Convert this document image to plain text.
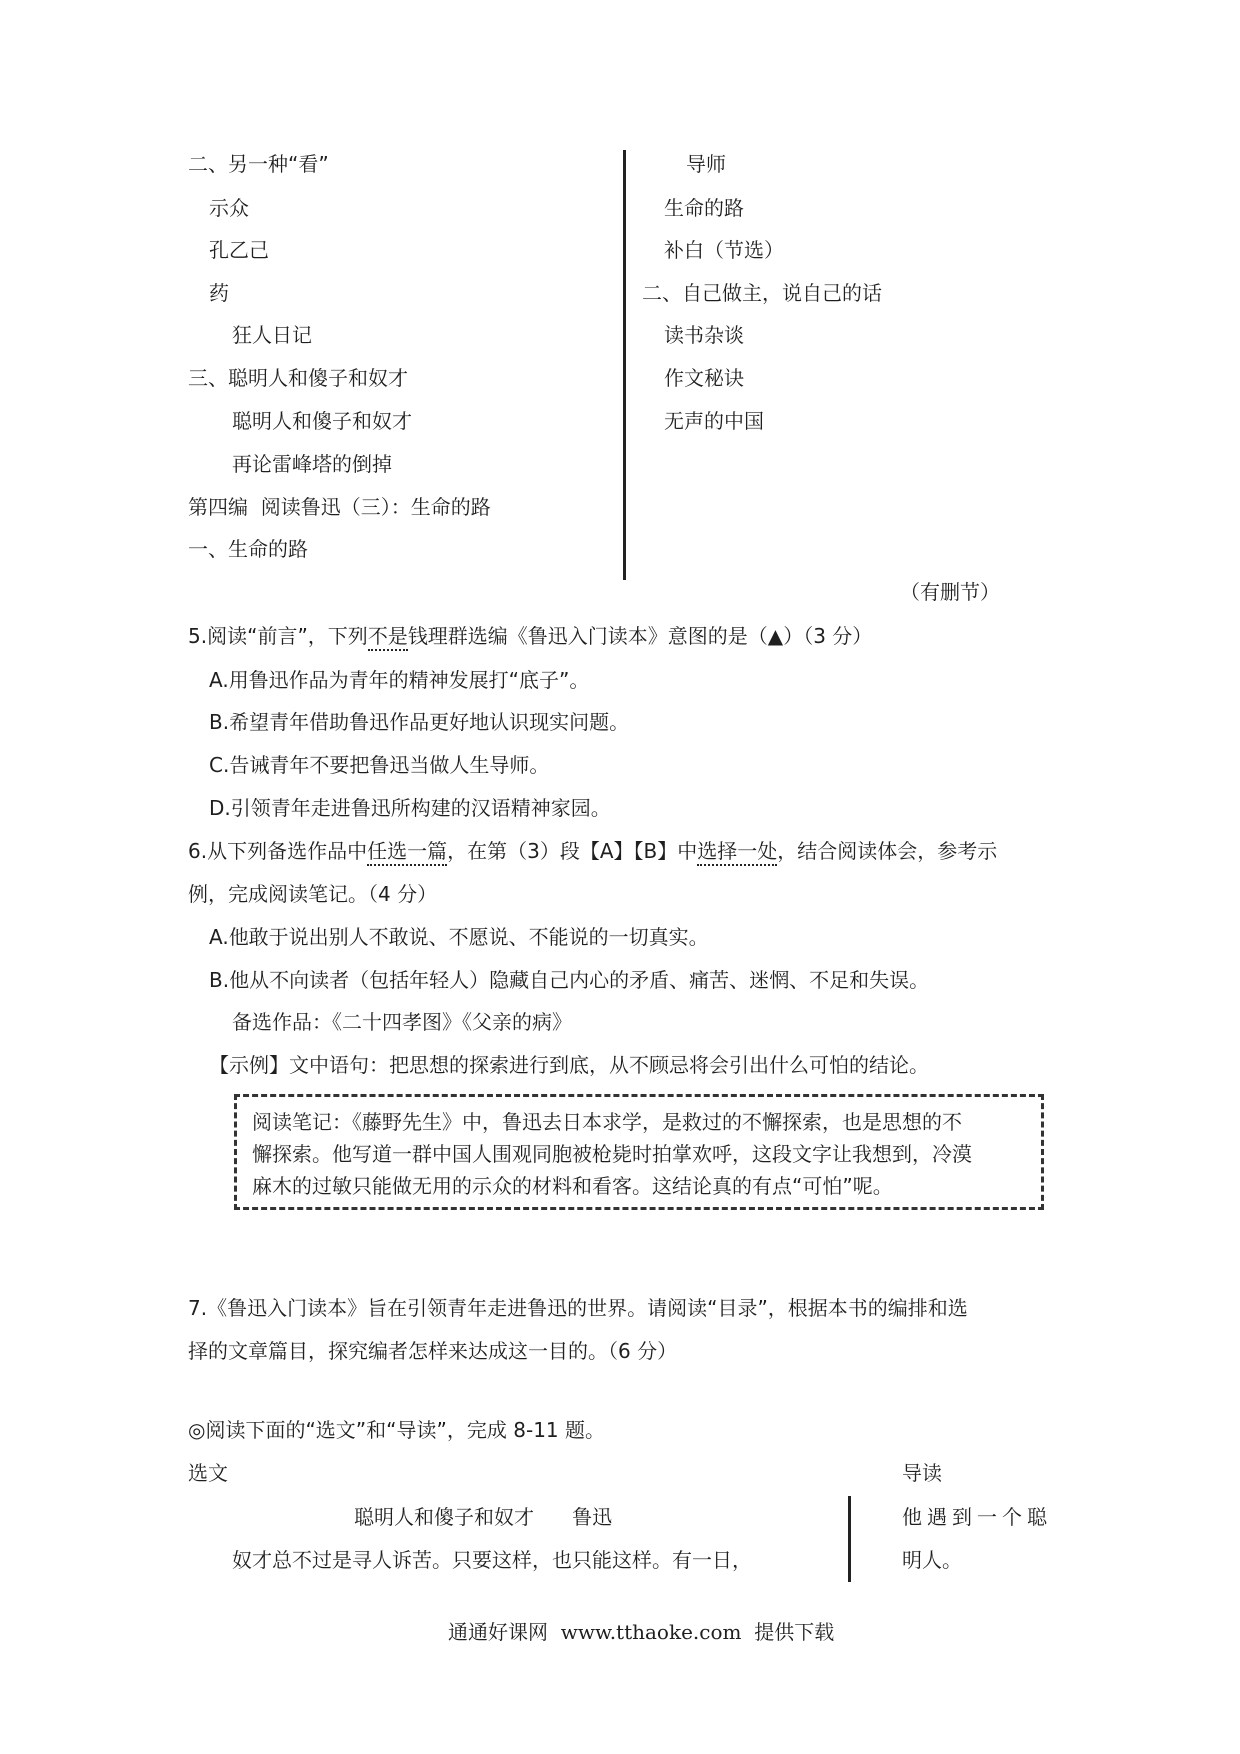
二、另一种“看”
示众
孔乙己
药
狂人日记
三、聪明人和傻子和奴才
聪明人和傻子和奴才
再论雷峰塔的倒掉
第四编  阅读鲁迅（三）：生命的路
一、生命的路
导师
生命的路
补白（节选）
二、自己做主，说自己的话
读书杂谈
作文秘诀
无声的中国
（有删节）
5.阅读“前言”，下列不是钱理群选编《鲁迅入门读本》意图的是（▲）（3 分）
A.用鲁迅作品为青年的精神发展打“底子”。
B.希望青年借助鲁迅作品更好地认识现实问题。
C.告诫青年不要把鲁迅当做人生导师。
D.引领青年走进鲁迅所构建的汉语精神家园。
6.从下列备选作品中任选一篇，在第（3）段【A】【B】中选择一处，结合阅读体会，参考示
例，完成阅读笔记。（4 分）
A.他敢于说出别人不敢说、不愿说、不能说的一切真实。
B.他从不向读者（包括年轻人）隐藏自己内心的矛盾、痛苦、迷惘、不足和失误。
备选作品：《二十四孝图》《父亲的病》
【示例】文中语句：把思想的探索进行到底，从不顾忌将会引出什么可怕的结论。
阅读笔记：《藤野先生》中，鲁迅去日本求学，是救过的不懈探索，也是思想的不
懈探索。他写道一群中国人围观同胞被枪毙时拍掌欢呼，这段文字让我想到，冷漠
麻木的过敏只能做无用的示众的材料和看客。这结论真的有点“可怕”呢。
7.《鲁迅入门读本》旨在引领青年走进鲁迅的世界。请阅读“目录”，根据本书的编排和选
择的文章篇目，探究编者怎样来达成这一目的。（6 分）
◎阅读下面的“选文”和“导读”，完成 8-11 题。
选文	导读
聪明人和傻子和奴才      鲁迅
奴才总不过是寻人诉苦。只要这样，也只能这样。有一日，
他遇到一个聪
明人。
通通好课网  www.tthaoke.com  提供下载
